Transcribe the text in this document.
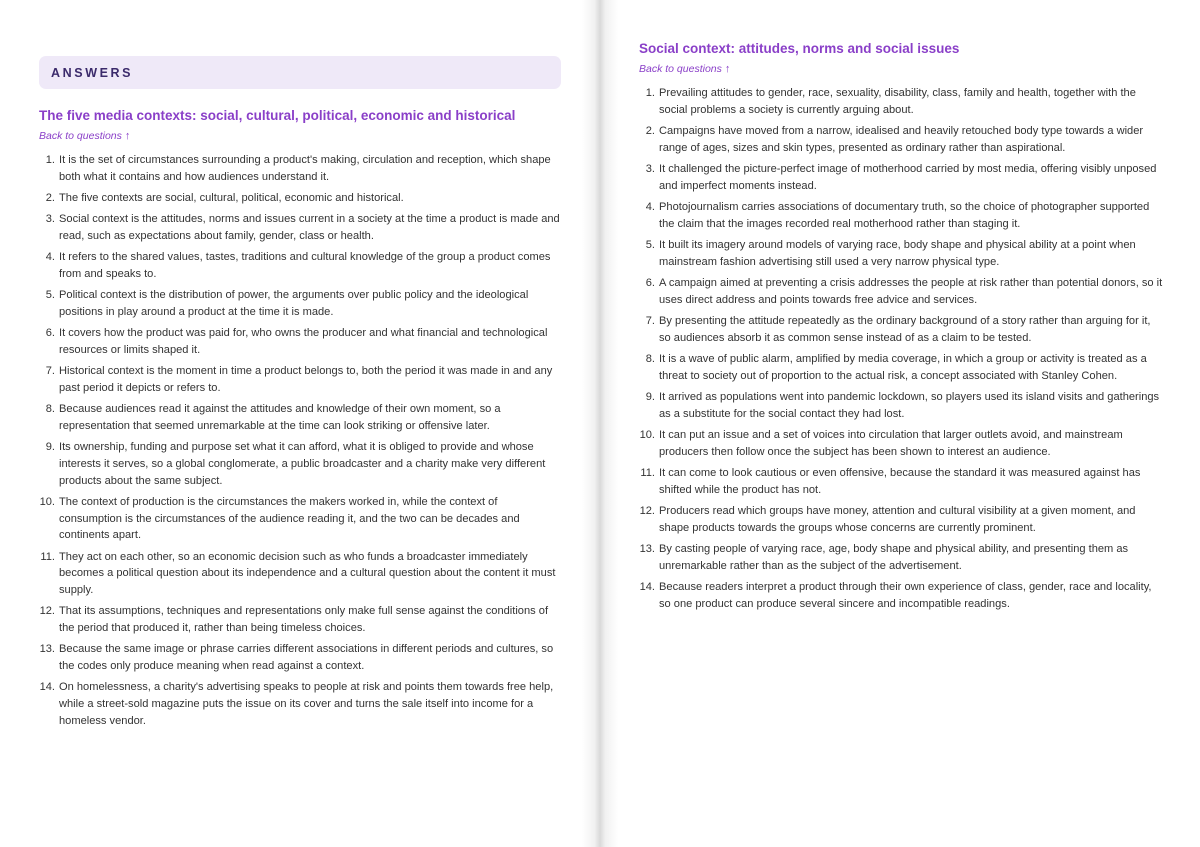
ANSWERS
The five media contexts: social, cultural, political, economic and historical
Back to questions ↑
1. It is the set of circumstances surrounding a product's making, circulation and reception, which shape both what it contains and how audiences understand it.
2. The five contexts are social, cultural, political, economic and historical.
3. Social context is the attitudes, norms and issues current in a society at the time a product is made and read, such as expectations about family, gender, class or health.
4. It refers to the shared values, tastes, traditions and cultural knowledge of the group a product comes from and speaks to.
5. Political context is the distribution of power, the arguments over public policy and the ideological positions in play around a product at the time it is made.
6. It covers how the product was paid for, who owns the producer and what financial and technological resources or limits shaped it.
7. Historical context is the moment in time a product belongs to, both the period it was made in and any past period it depicts or refers to.
8. Because audiences read it against the attitudes and knowledge of their own moment, so a representation that seemed unremarkable at the time can look striking or offensive later.
9. Its ownership, funding and purpose set what it can afford, what it is obliged to provide and whose interests it serves, so a global conglomerate, a public broadcaster and a charity make very different products about the same subject.
10. The context of production is the circumstances the makers worked in, while the context of consumption is the circumstances of the audience reading it, and the two can be decades and continents apart.
11. They act on each other, so an economic decision such as who funds a broadcaster immediately becomes a political question about its independence and a cultural question about the content it must supply.
12. That its assumptions, techniques and representations only make full sense against the conditions of the period that produced it, rather than being timeless choices.
13. Because the same image or phrase carries different associations in different periods and cultures, so the codes only produce meaning when read against a context.
14. On homelessness, a charity's advertising speaks to people at risk and points them towards free help, while a street-sold magazine puts the issue on its cover and turns the sale itself into income for a homeless vendor.
Social context: attitudes, norms and social issues
Back to questions ↑
1. Prevailing attitudes to gender, race, sexuality, disability, class, family and health, together with the social problems a society is currently arguing about.
2. Campaigns have moved from a narrow, idealised and heavily retouched body type towards a wider range of ages, sizes and skin types, presented as ordinary rather than aspirational.
3. It challenged the picture-perfect image of motherhood carried by most media, offering visibly unposed and imperfect moments instead.
4. Photojournalism carries associations of documentary truth, so the choice of photographer supported the claim that the images recorded real motherhood rather than staging it.
5. It built its imagery around models of varying race, body shape and physical ability at a point when mainstream fashion advertising still used a very narrow physical type.
6. A campaign aimed at preventing a crisis addresses the people at risk rather than potential donors, so it uses direct address and points towards free advice and services.
7. By presenting the attitude repeatedly as the ordinary background of a story rather than arguing for it, so audiences absorb it as common sense instead of as a claim to be tested.
8. It is a wave of public alarm, amplified by media coverage, in which a group or activity is treated as a threat to society out of proportion to the actual risk, a concept associated with Stanley Cohen.
9. It arrived as populations went into pandemic lockdown, so players used its island visits and gatherings as a substitute for the social contact they had lost.
10. It can put an issue and a set of voices into circulation that larger outlets avoid, and mainstream producers then follow once the subject has been shown to interest an audience.
11. It can come to look cautious or even offensive, because the standard it was measured against has shifted while the product has not.
12. Producers read which groups have money, attention and cultural visibility at a given moment, and shape products towards the groups whose concerns are currently prominent.
13. By casting people of varying race, age, body shape and physical ability, and presenting them as unremarkable rather than as the subject of the advertisement.
14. Because readers interpret a product through their own experience of class, gender, race and locality, so one product can produce several sincere and incompatible readings.
